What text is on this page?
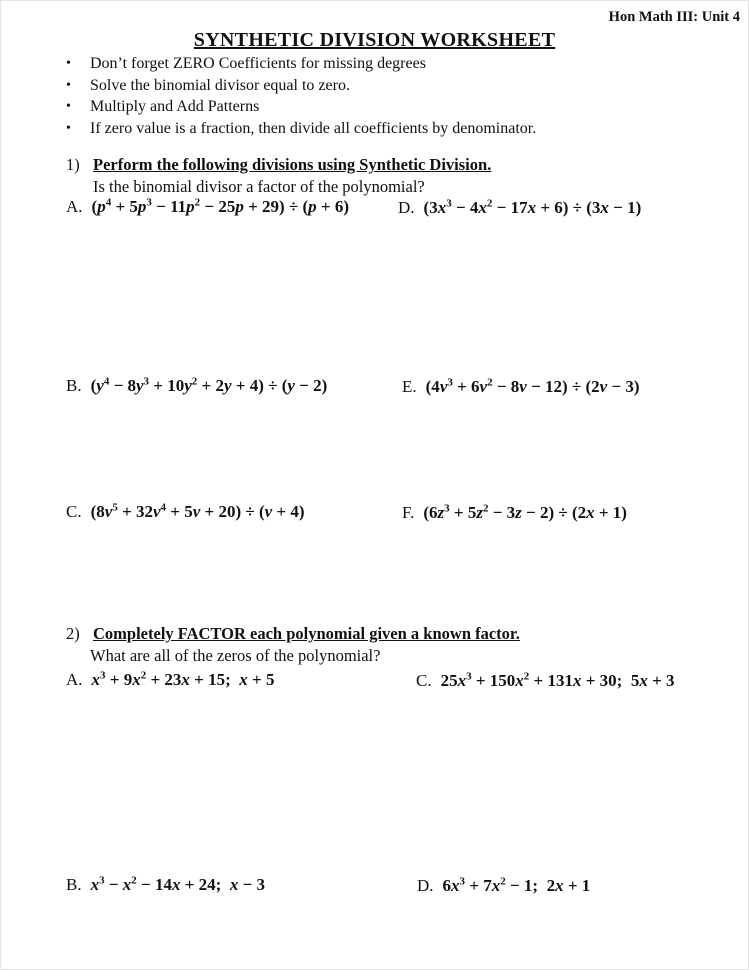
Hon Math III: Unit 4
SYNTHETIC DIVISION WORKSHEET
•	Don’t forget ZERO Coefficients for missing degrees
•	Solve the binomial divisor equal to zero.
•	Multiply and Add Patterns
•	If zero value is a fraction, then divide all coefficients by denominator.
1) Perform the following divisions using Synthetic Division.
Is the binomial divisor a factor of the polynomial?
A. $(p^4 + 5p^3 - 11p^2 - 25p + 29) \div (p + 6)$	D. $(3x^3 - 4x^2 - 17x + 6) \div (3x - 1)$
B. $(y^4 - 8y^3 + 10y^2 + 2y + 4) \div (y - 2)$	E. $(4v^3 + 6v^2 - 8v - 12) \div (2v - 3)$
C. $(8v^5 + 32v^4 + 5v + 20) \div (v + 4)$	F. $(6z^3 + 5z^2 - 3z - 2) \div (2x + 1)$
2) Completely FACTOR each polynomial given a known factor.
What are all of the zeros of the polynomial?
A. $x^3 + 9x^2 + 23x + 15$;  x + 5	C. $25x^3 + 150x^2 + 131x + 30$;  5x + 3
B. $x^3 - x^2 - 14x + 24$;  x − 3	D. $6x^3 + 7x^2 - 1$;  2x + 1
